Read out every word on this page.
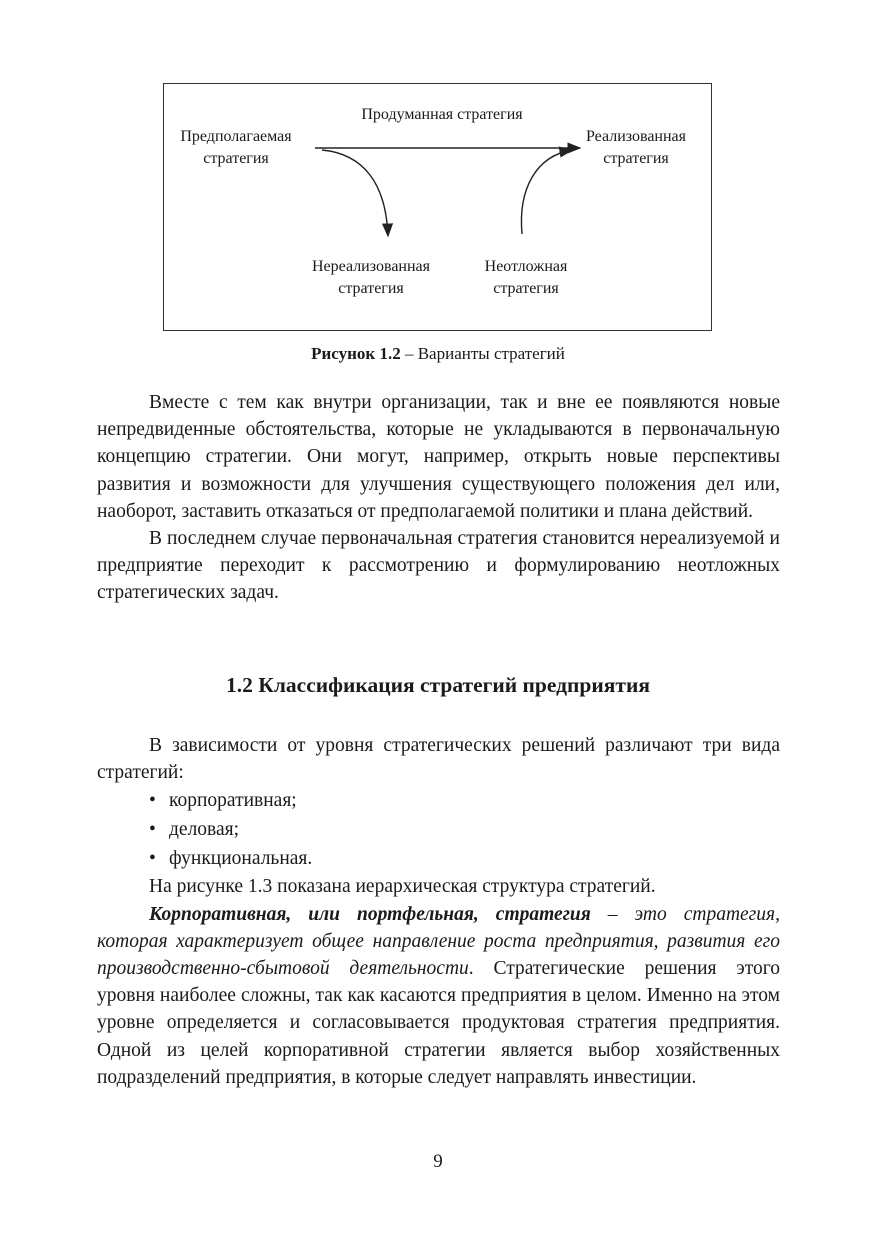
Предполагаемая
стратегия
Продуманная стратегия
Реализованная
стратегия
Нереализованная
стратегия
Неотложная
стратегия
Рисунок 1.2 – Варианты стратегий

Вместе с тем как внутри организации, так и вне ее появляются новые непредвиденные обстоятельства, которые не укладываются в первоначальную концепцию стратегии. Они могут, например, открыть новые перспективы развития и возможности для улучшения существующего положения дел или, наоборот, заставить отказаться от предполагаемой политики и плана действий.

В последнем случае первоначальная стратегия становится нереализуемой и предприятие переходит к рассмотрению и формулированию неотложных стратегических задач.

1.2 Классификация стратегий предприятия

В зависимости от уровня стратегических решений различают три вида стратегий:

• корпоративная;
• деловая;
• функциональная.

На рисунке 1.3 показана иерархическая структура стратегий.

Корпоративная, или портфельная, стратегия – это стратегия, которая характеризует общее направление роста предприятия, развития его производственно-сбытовой деятельности. Стратегические решения этого уровня наиболее сложны, так как касаются предприятия в целом. Именно на этом уровне определяется и согласовывается продуктовая стратегия предприятия. Одной из целей корпоративной стратегии является выбор хозяйственных подразделений предприятия, в которые следует направлять инвестиции.

9
